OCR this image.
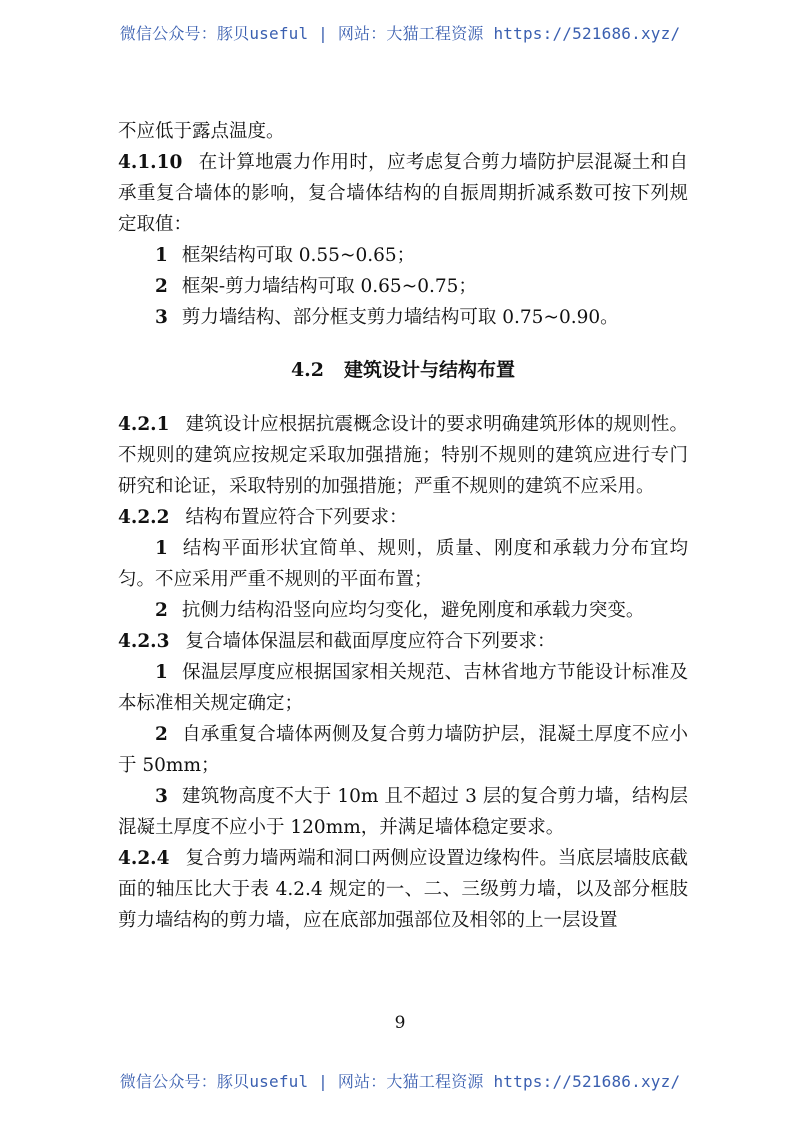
微信公众号：豚贝useful | 网站：大猫工程资源 https://521686.xyz/

不应低于露点温度。

4.1.10 在计算地震力作用时，应考虑复合剪力墙防护层混凝土和自承重复合墙体的影响，复合墙体结构的自振周期折减系数可按下列规定取值：

1 框架结构可取 0.55~0.65；

2 框架-剪力墙结构可取 0.65~0.75；

3 剪力墙结构、部分框支剪力墙结构可取 0.75~0.90。

4.2 建筑设计与结构布置

4.2.1 建筑设计应根据抗震概念设计的要求明确建筑形体的规则性。不规则的建筑应按规定采取加强措施；特别不规则的建筑应进行专门研究和论证，采取特别的加强措施；严重不规则的建筑不应采用。

4.2.2 结构布置应符合下列要求：

1 结构平面形状宜简单、规则，质量、刚度和承载力分布宜均匀。不应采用严重不规则的平面布置；

2 抗侧力结构沿竖向应均匀变化，避免刚度和承载力突变。

4.2.3 复合墙体保温层和截面厚度应符合下列要求：

1 保温层厚度应根据国家相关规范、吉林省地方节能设计标准及本标准相关规定确定；

2 自承重复合墙体两侧及复合剪力墙防护层，混凝土厚度不应小于 50mm；

3 建筑物高度不大于 10m 且不超过 3 层的复合剪力墙，结构层混凝土厚度不应小于 120mm，并满足墙体稳定要求。

4.2.4 复合剪力墙两端和洞口两侧应设置边缘构件。当底层墙肢底截面的轴压比大于表 4.2.4 规定的一、二、三级剪力墙，以及部分框肢剪力墙结构的剪力墙，应在底部加强部位及相邻的上一层设置

9
微信公众号：豚贝useful | 网站：大猫工程资源 https://521686.xyz/
